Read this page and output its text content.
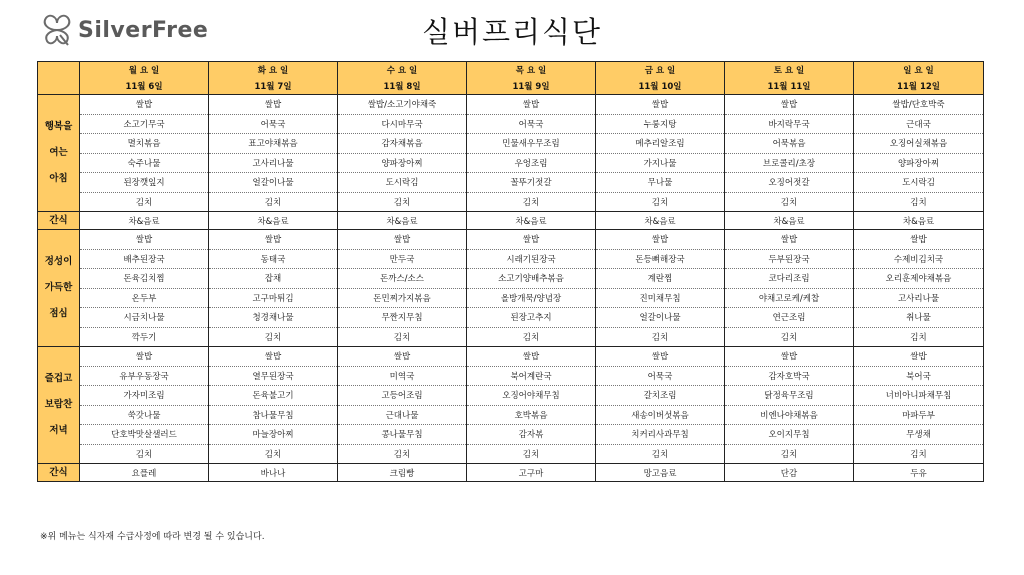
SilverFree	실버프리식단
	월 요 일	화 요 일	수 요 일	목 요 일	금 요 일	토 요 일	일 요 일
	11월 6일	11월 7일	11월 8일	11월 9일	11월 10일	11월 11일	11월 12일

행복을
여는
아침	쌀밥	쌀밥	쌀밥/소고기야채죽	쌀밥	쌀밥	쌀밥	쌀밥/단호박죽
	소고기무국	어묵국	다시마무국	어묵국	누룽지탕	바지락무국	근대국
	멸치볶음	표고야채볶음	감자채볶음	민물새우무조림	메추리알조림	어묵볶음	오징어실채볶음
	숙주나물	고사리나물	양파장아찌	우엉조림	가지나물	브로콜리/초장	양파장아찌
	된장깻잎지	얼갈이나물	도시락김	꼴뚜기젓갈	무나물	오징어젓갈	도시락김
	김치	김치	김치	김치	김치	김치	김치
간식	차&음료	차&음료	차&음료	차&음료	차&음료	차&음료	차&음료

정성이
가득한
점심	쌀밥	쌀밥	쌀밥	쌀밥	쌀밥	쌀밥	쌀밥
	배추된장국	동태국	만두국	시래기된장국	돈등뼈해장국	두부된장국	수제비김치국
	돈육김치찜	잡채	돈까스/소스	소고기양배추볶음	계란찜	코다리조림	오리훈제야채볶음
	온두부	고구마튀김	돈민찌가지볶음	올방개묵/양념장	진미채무침	야채고로케/케찹	고사리나물
	시금치나물	청경채나물	무짠지무침	된장고추지	얼갈이나물	연근조림	취나물
	깍두기	김치	김치	김치	김치	김치	김치

즐겁고
보람찬
저녁	쌀밥	쌀밥	쌀밥	쌀밥	쌀밥	쌀밥	쌀밥
	유부우동장국	열무된장국	미역국	북어계란국	어묵국	감자호박국	북어국
	가자미조림	돈육불고기	고등어조림	오징어야채무침	갈치조림	닭정육무조림	너비아니파채무침
	쑥갓나물	참나물무침	근대나물	호박볶음	새송이버섯볶음	비엔나야채볶음	마파두부
	단호박맛살샐러드	마늘장아찌	콩나물무침	감자볶	치커리사과무침	오이지무침	무생채
	김치	김치	김치	김치	김치	김치	김치
간식	요플레	바나나	크림빵	고구마	망고음료	단감	두유
※위 메뉴는 식자재 수급사정에 따라 변경 될 수 있습니다.
